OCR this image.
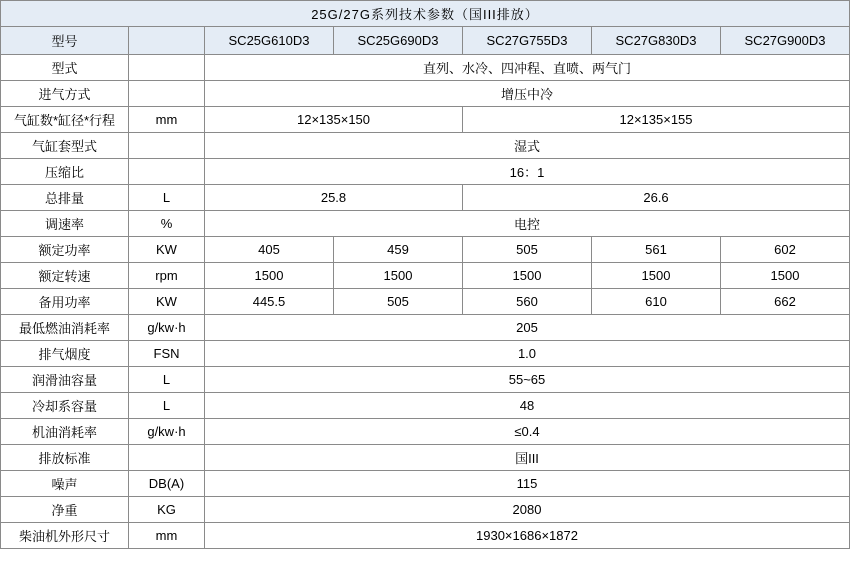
25G/27G系列技术参数（国III排放）						
型号		SC25G610D3	SC25G690D3	SC27G755D3	SC27G830D3	SC27G900D3
型式		直列、水冷、四冲程、直喷、两气门				
进气方式		增压中冷				
气缸数*缸径*行程	mm	12×135×150		12×135×155		
气缸套型式		湿式				
压缩比		16：1				
总排量	L	25.8		26.6		
调速率	%	电控				
额定功率	KW	405	459	505	561	602
额定转速	rpm	1500	1500	1500	1500	1500
备用功率	KW	445.5	505	560	610	662
最低燃油消耗率	g/kw·h	205				
排气烟度	FSN	1.0				
润滑油容量	L	55~65				
冷却系容量	L	48				
机油消耗率	g/kw·h	≤0.4				
排放标准		国III				
噪声	DB(A)	115				
净重	KG	2080				
柴油机外形尺寸	mm	1930×1686×1872				
